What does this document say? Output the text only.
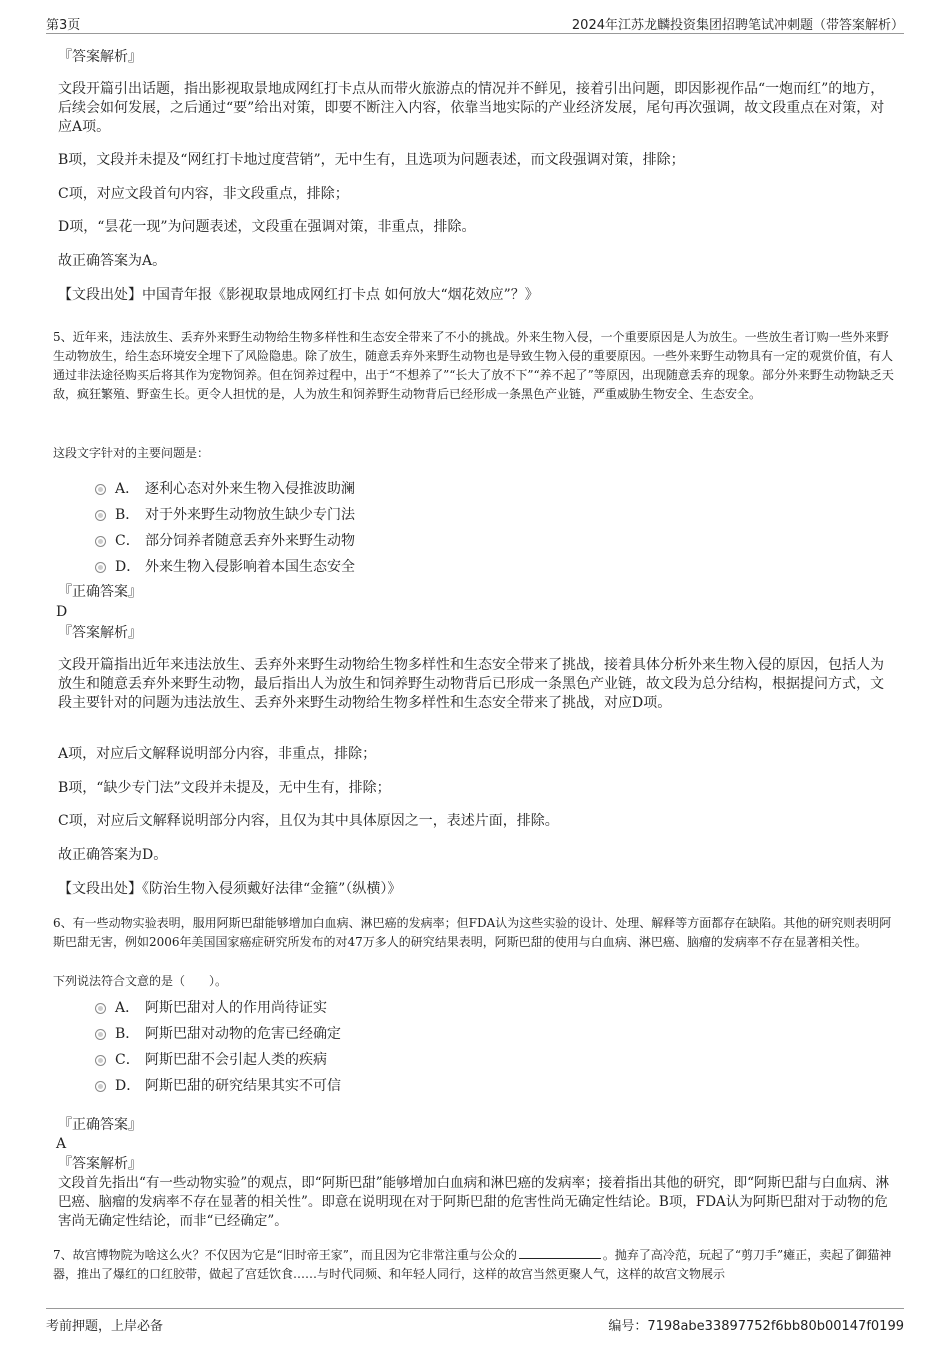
第3页	2024年江苏龙麟投资集团招聘笔试冲刺题（带答案解析）
『答案解析』
文段开篇引出话题，指出影视取景地成网红打卡点从而带火旅游点的情况并不鲜见，接着引出问题，即因影视作品“一炮而红”的地方，后续会如何发展，之后通过“要”给出对策，即要不断注入内容，依靠当地实际的产业经济发展，尾句再次强调，故文段重点在对策，对应A项。
B项，文段并未提及“网红打卡地过度营销”，无中生有，且选项为问题表述，而文段强调对策，排除；
C项，对应文段首句内容，非文段重点，排除；
D项，“昙花一现”为问题表述，文段重在强调对策，非重点，排除。
故正确答案为A。
【文段出处】中国青年报《影视取景地成网红打卡点 如何放大“烟花效应”？》
5、近年来，违法放生、丢弃外来野生动物给生物多样性和生态安全带来了不小的挑战。外来生物入侵，一个重要原因是人为放生。一些放生者订购一些外来野生动物放生，给生态环境安全埋下了风险隐患。除了放生，随意丢弃外来野生动物也是导致生物入侵的重要原因。一些外来野生动物具有一定的观赏价值，有人通过非法途径购买后将其作为宠物饲养。但在饲养过程中，出于“不想养了”“长大了放不下”“养不起了”等原因，出现随意丢弃的现象。部分外来野生动物缺乏天敌，疯狂繁殖、野蛮生长。更令人担忧的是，人为放生和饲养野生动物背后已经形成一条黑色产业链，严重威胁生物安全、生态安全。
这段文字针对的主要问题是：
A． 逐利心态对外来生物入侵推波助澜
B． 对于外来野生动物放生缺少专门法
C． 部分饲养者随意丢弃外来野生动物
D． 外来生物入侵影响着本国生态安全
『正确答案』
D
『答案解析』
文段开篇指出近年来违法放生、丢弃外来野生动物给生物多样性和生态安全带来了挑战，接着具体分析外来生物入侵的原因，包括人为放生和随意丢弃外来野生动物，最后指出人为放生和饲养野生动物背后已形成一条黑色产业链，故文段为总分结构，根据提问方式，文段主要针对的问题为违法放生、丢弃外来野生动物给生物多样性和生态安全带来了挑战，对应D项。
A项，对应后文解释说明部分内容，非重点，排除；
B项，“缺少专门法”文段并未提及，无中生有，排除；
C项，对应后文解释说明部分内容，且仅为其中具体原因之一，表述片面，排除。
故正确答案为D。
【文段出处】《防治生物入侵须戴好法律“金箍”（纵横）》
6、有一些动物实验表明，服用阿斯巴甜能够增加白血病、淋巴癌的发病率；但FDA认为这些实验的设计、处理、解释等方面都存在缺陷。其他的研究则表明阿斯巴甜无害，例如2006年美国国家癌症研究所发布的对47万多人的研究结果表明，阿斯巴甜的使用与白血病、淋巴癌、脑瘤的发病率不存在显著相关性。
下列说法符合文意的是（　　）。
A． 阿斯巴甜对人的作用尚待证实
B． 阿斯巴甜对动物的危害已经确定
C． 阿斯巴甜不会引起人类的疾病
D． 阿斯巴甜的研究结果其实不可信
『正确答案』
A
『答案解析』
文段首先指出“有一些动物实验”的观点，即“阿斯巴甜”能够增加白血病和淋巴癌的发病率；接着指出其他的研究，即“阿斯巴甜与白血病、淋巴癌、脑瘤的发病率不存在显著的相关性”。即意在说明现在对于阿斯巴甜的危害性尚无确定性结论。B项，FDA认为阿斯巴甜对于动物的危害尚无确定性结论，而非“已经确定”。
7、故宫博物院为啥这么火？不仅因为它是“旧时帝王家”，而且因为它非常注重与公众的	。抛弃了高冷范，玩起了“剪刀手”瘫正，卖起了御猫神器，推出了爆红的口红胶带，做起了宫廷饮食……与时代同频、和年轻人同行，这样的故宫当然更聚人气，这样的故宫文物展示
考前押题，上岸必备	编号：7198abe33897752f6bb80b00147f0199
